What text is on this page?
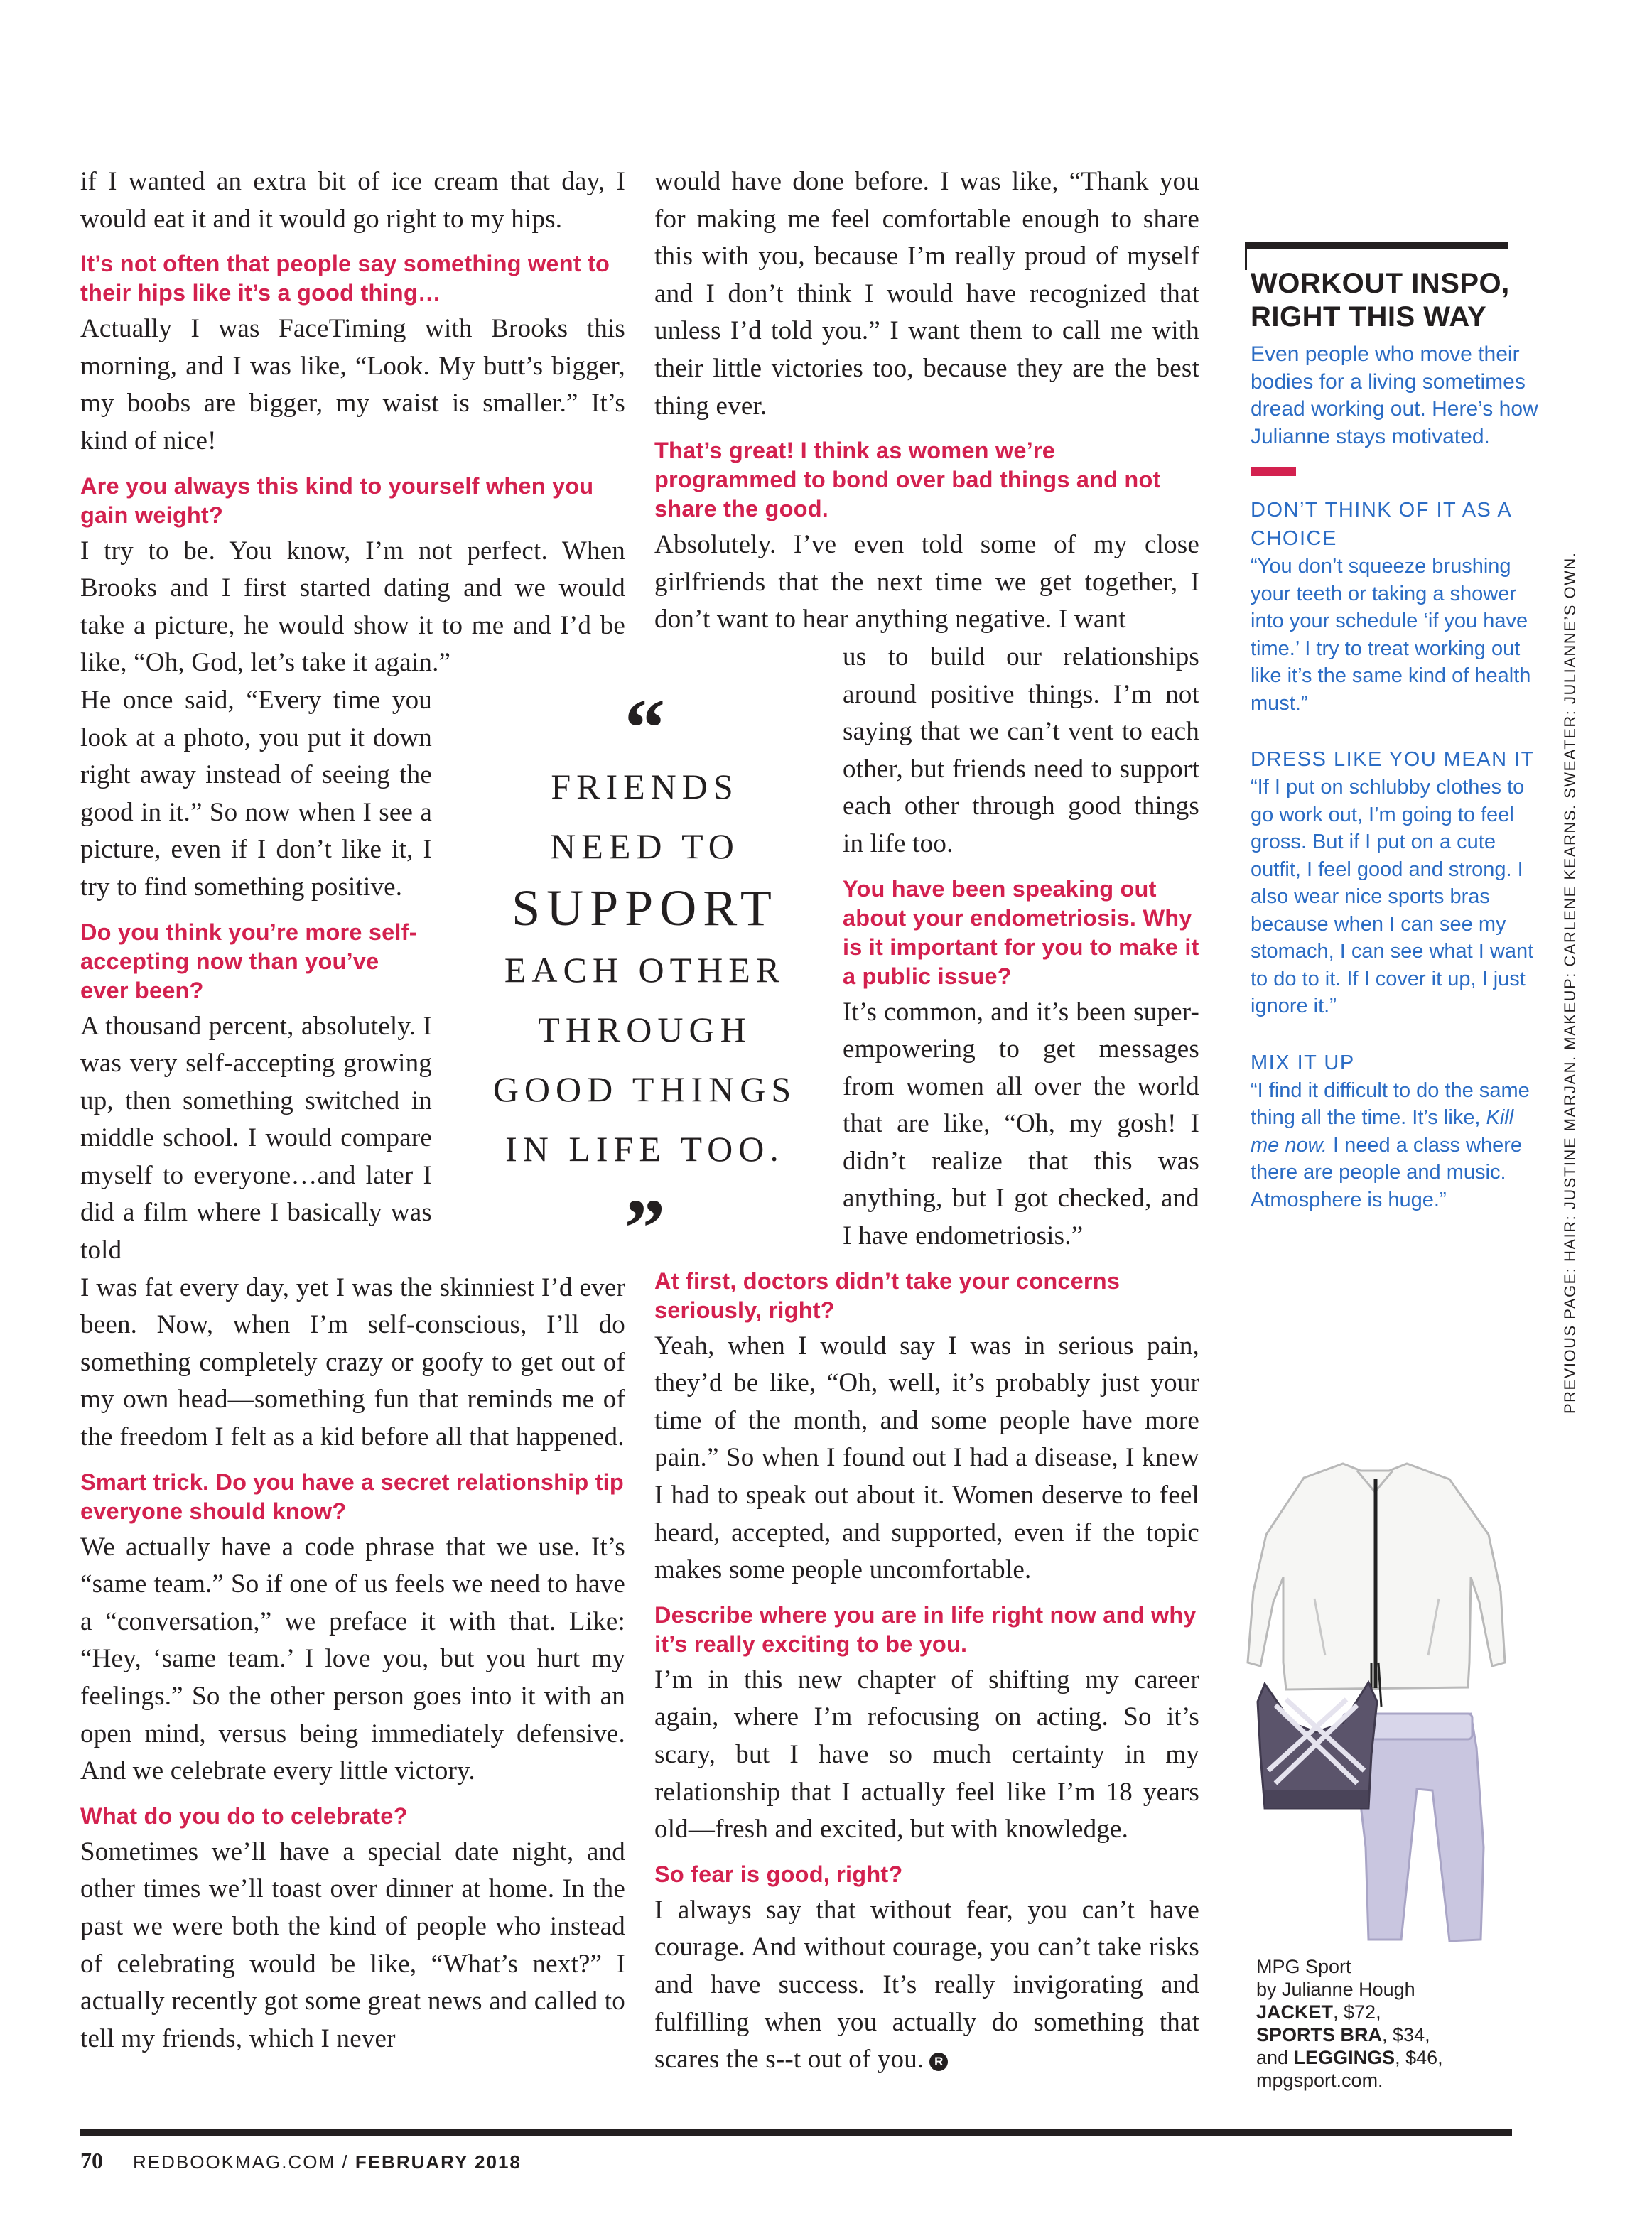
if I wanted an extra bit of ice cream that day, I would eat it and it would go right to my hips.

It’s not often that people say something went to their hips like it’s a good thing…

Actually I was FaceTiming with Brooks this morning, and I was like, “Look. My butt’s bigger, my boobs are bigger, my waist is smaller.” It’s kind of nice!

Are you always this kind to yourself when you gain weight?

I try to be. You know, I’m not perfect. When Brooks and I first started dating and we would take a picture, he would show it to me and I’d be like, “Oh, God, let’s take it again.”

He once said, “Every time you look at a photo, you put it down right away instead of seeing the good in it.” So now when I see a picture, even if I don’t like it, I try to find something positive.

Do you think you’re more self-accepting now than you’ve ever been?

A thousand percent, absolutely. I was very self-accepting growing up, then something switched in middle school. I would compare myself to everyone…and later I did a film where I basically was told

I was fat every day, yet I was the skinniest I’d ever been. Now, when I’m self-conscious, I’ll do something completely crazy or goofy to get out of my own head—something fun that reminds me of the freedom I felt as a kid before all that happened.

Smart trick. Do you have a secret relationship tip everyone should know?

We actually have a code phrase that we use. It’s “same team.” So if one of us feels we need to have a “conversation,” we preface it with that. Like: “Hey, ‘same team.’ I love you, but you hurt my feelings.” So the other person goes into it with an open mind, versus being immediately defensive. And we celebrate every little victory.

What do you do to celebrate?

Sometimes we’ll have a special date night, and other times we’ll toast over dinner at home. In the past we were both the kind of people who instead of celebrating would be like, “What’s next?” I actually recently got some great news and called to tell my friends, which I never

would have done before. I was like, “Thank you for making me feel comfortable enough to share this with you, because I’m really proud of myself and I don’t think I would have recognized that unless I’d told you.” I want them to call me with their little victories too, because they are the best thing ever.

That’s great! I think as women we’re programmed to bond over bad things and not share the good.

Absolutely. I’ve even told some of my close girlfriends that the next time we get together, I don’t want to hear anything negative. I want

us to build our relationships around positive things. I’m not saying that we can’t vent to each other, but friends need to support each other through good things in life too.

You have been speaking out about your endometriosis. Why is it important for you to make it a public issue?

It’s common, and it’s been super-empowering to get messages from women all over the world that are like, “Oh, my gosh! I didn’t realize that this was anything, but I got checked, and I have endometriosis.”

At first, doctors didn’t take your concerns seriously, right?

Yeah, when I would say I was in serious pain, they’d be like, “Oh, well, it’s probably just your time of the month, and some people have more pain.” So when I found out I had a disease, I knew I had to speak out about it. Women deserve to feel heard, accepted, and supported, even if the topic makes some people uncomfortable.

Describe where you are in life right now and why it’s really exciting to be you.

I’m in this new chapter of shifting my career again, where I’m refocusing on acting. So it’s scary, but I have so much certainty in my relationship that I actually feel like I’m 18 years old—fresh and excited, but with knowledge.

So fear is good, right?

I always say that without fear, you can’t have courage. And without courage, you can’t take risks and have success. It’s really invigorating and fulfilling when you actually do something that scares the s--t out of you. R

“
FRIENDS
NEED TO
SUPPORT
EACH OTHER
THROUGH
GOOD THINGS
IN LIFE TOO.
”
WORKOUT INSPO, RIGHT THIS WAY

Even people who move their bodies for a living sometimes dread working out. Here’s how Julianne stays motivated.

DON’T THINK OF IT AS A CHOICE

“You don’t squeeze brushing your teeth or taking a shower into your schedule ‘if you have time.’ I try to treat working out like it’s the same kind of health must.”

DRESS LIKE YOU MEAN IT

“If I put on schlubby clothes to go work out, I’m going to feel gross. But if I put on a cute outfit, I feel good and strong. I also wear nice sports bras because when I can see my stomach, I can see what I want to do to it. If I cover it up, I just ignore it.”

MIX IT UP

“I find it difficult to do the same thing all the time. It’s like, Kill me now. I need a class where there are people and music. Atmosphere is huge.”

MPG Sport
by Julianne Hough
JACKET, $72,
SPORTS BRA, $34,
and LEGGINGS, $46,
mpgsport.com.
PREVIOUS PAGE: HAIR: JUSTINE MARJAN. MAKEUP: CARLENE KEARNS. SWEATER: JULIANNE’S OWN.
70 REDBOOKMAG.COM / FEBRUARY 2018
